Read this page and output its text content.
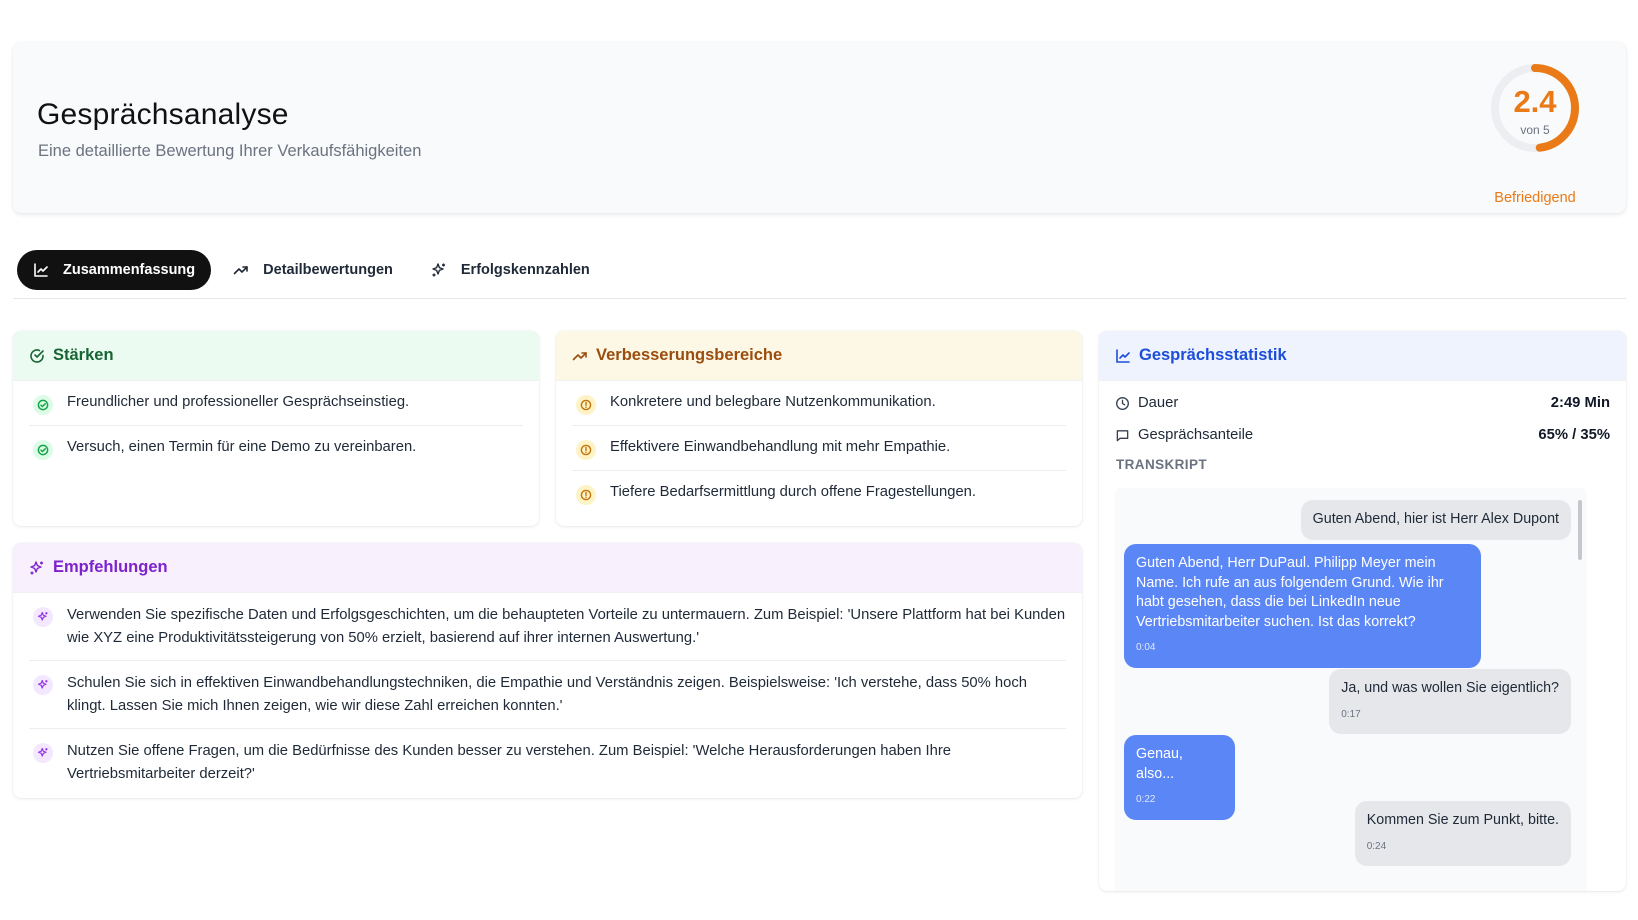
Gesprächsanalyse
Eine detaillierte Bewertung Ihrer Verkaufsfähigkeiten
2.4
von 5
Befriedigend
Zusammenfassung	Detailbewertungen	Erfolgskennzahlen
Stärken
Freundlicher und professioneller Gesprächseinstieg.
Versuch, einen Termin für eine Demo zu vereinbaren.
Verbesserungsbereiche
Konkretere und belegbare Nutzenkommunikation.
Effektivere Einwandbehandlung mit mehr Empathie.
Tiefere Bedarfsermittlung durch offene Fragestellungen.
Empfehlungen
Verwenden Sie spezifische Daten und Erfolgsgeschichten, um die behaupteten Vorteile zu untermauern. Zum Beispiel: 'Unsere Plattform hat bei Kunden wie XYZ eine Produktivitätssteigerung von 50% erzielt, basierend auf ihrer internen Auswertung.'
Schulen Sie sich in effektiven Einwandbehandlungstechniken, die Empathie und Verständnis zeigen. Beispielsweise: 'Ich verstehe, dass 50% hoch klingt. Lassen Sie mich Ihnen zeigen, wie wir diese Zahl erreichen konnten.'
Nutzen Sie offene Fragen, um die Bedürfnisse des Kunden besser zu verstehen. Zum Beispiel: 'Welche Herausforderungen haben Ihre Vertriebsmitarbeiter derzeit?'
Gesprächsstatistik
Dauer	2:49 Min
Gesprächsanteile	65% / 35%
TRANSKRIPT
Guten Abend, hier ist Herr Alex Dupont
Guten Abend, Herr DuPaul. Philipp Meyer mein Name. Ich rufe an aus folgendem Grund. Wie ihr habt gesehen, dass die bei LinkedIn neue Vertriebsmitarbeiter suchen. Ist das korrekt?
0:04
Ja, und was wollen Sie eigentlich?
0:17
Genau, also...
0:22
Kommen Sie zum Punkt, bitte.
0:24
